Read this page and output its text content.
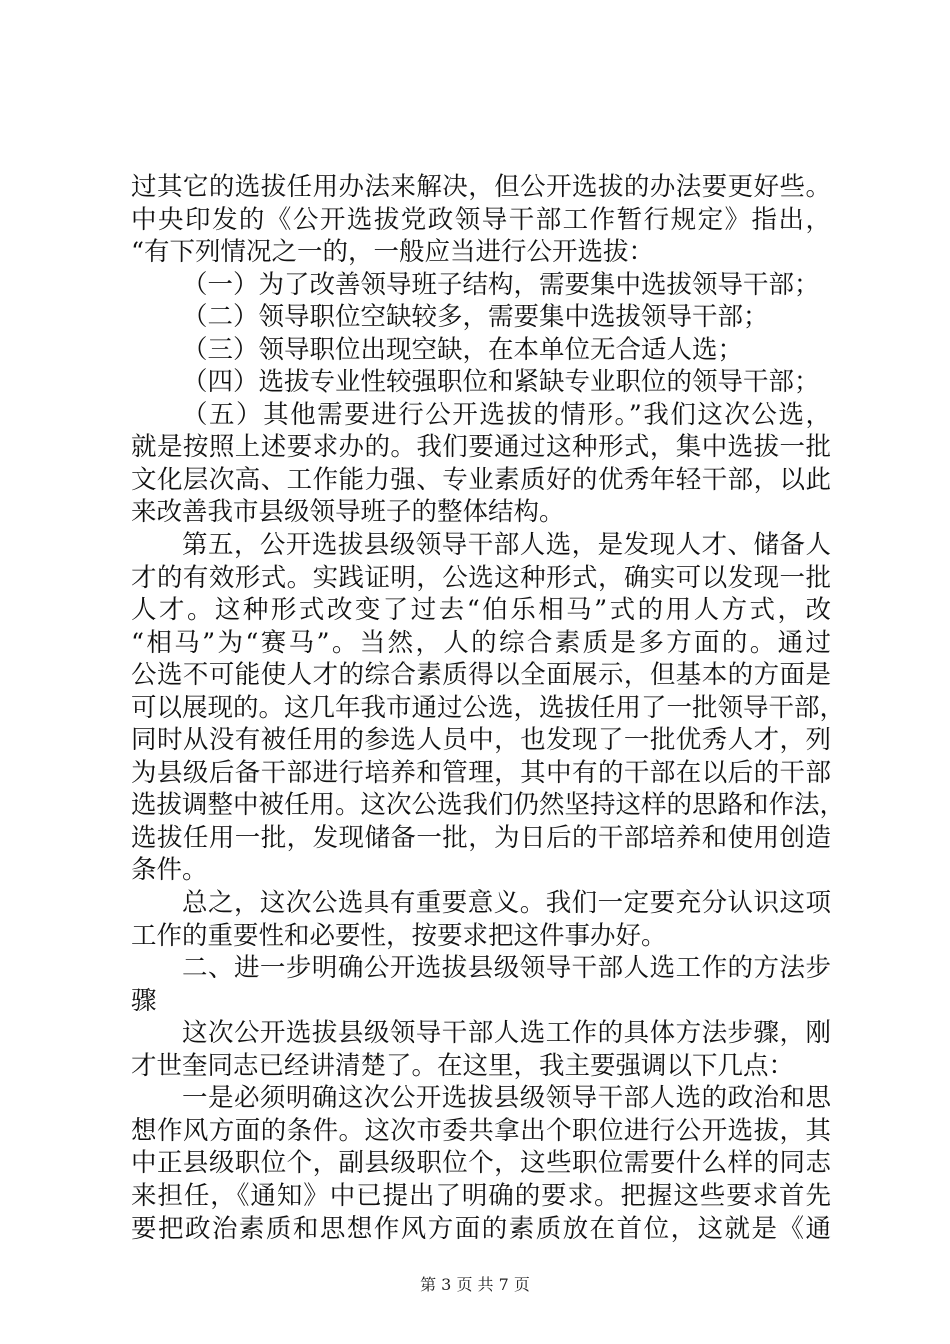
过其它的选拔任用办法来解决，但公开选拔的办法要更好些。
中央印发的《公开选拔党政领导干部工作暂行规定》指出，
“有下列情况之一的，一般应当进行公开选拔：
（一）为了改善领导班子结构，需要集中选拔领导干部；
（二）领导职位空缺较多，需要集中选拔领导干部；
（三）领导职位出现空缺，在本单位无合适人选；
（四）选拔专业性较强职位和紧缺专业职位的领导干部；
（五）其他需要进行公开选拔的情形。”我们这次公选，
就是按照上述要求办的。我们要通过这种形式，集中选拔一批
文化层次高、工作能力强、专业素质好的优秀年轻干部，以此
来改善我市县级领导班子的整体结构。
第五，公开选拔县级领导干部人选，是发现人才、储备人
才的有效形式。实践证明，公选这种形式，确实可以发现一批
人才。这种形式改变了过去“伯乐相马”式的用人方式，改
“相马”为“赛马”。当然，人的综合素质是多方面的。通过
公选不可能使人才的综合素质得以全面展示，但基本的方面是
可以展现的。这几年我市通过公选，选拔任用了一批领导干部，
同时从没有被任用的参选人员中，也发现了一批优秀人才，列
为县级后备干部进行培养和管理，其中有的干部在以后的干部
选拔调整中被任用。这次公选我们仍然坚持这样的思路和作法，
选拔任用一批，发现储备一批，为日后的干部培养和使用创造
条件。
总之，这次公选具有重要意义。我们一定要充分认识这项
工作的重要性和必要性，按要求把这件事办好。
二、进一步明确公开选拔县级领导干部人选工作的方法步
骤
这次公开选拔县级领导干部人选工作的具体方法步骤，刚
才世奎同志已经讲清楚了。在这里，我主要强调以下几点：
一是必须明确这次公开选拔县级领导干部人选的政治和思
想作风方面的条件。这次市委共拿出个职位进行公开选拔，其
中正县级职位个，副县级职位个，这些职位需要什么样的同志
来担任，《通知》中已提出了明确的要求。把握这些要求首先
要把政治素质和思想作风方面的素质放在首位，这就是《通
第 3 页 共 7 页
